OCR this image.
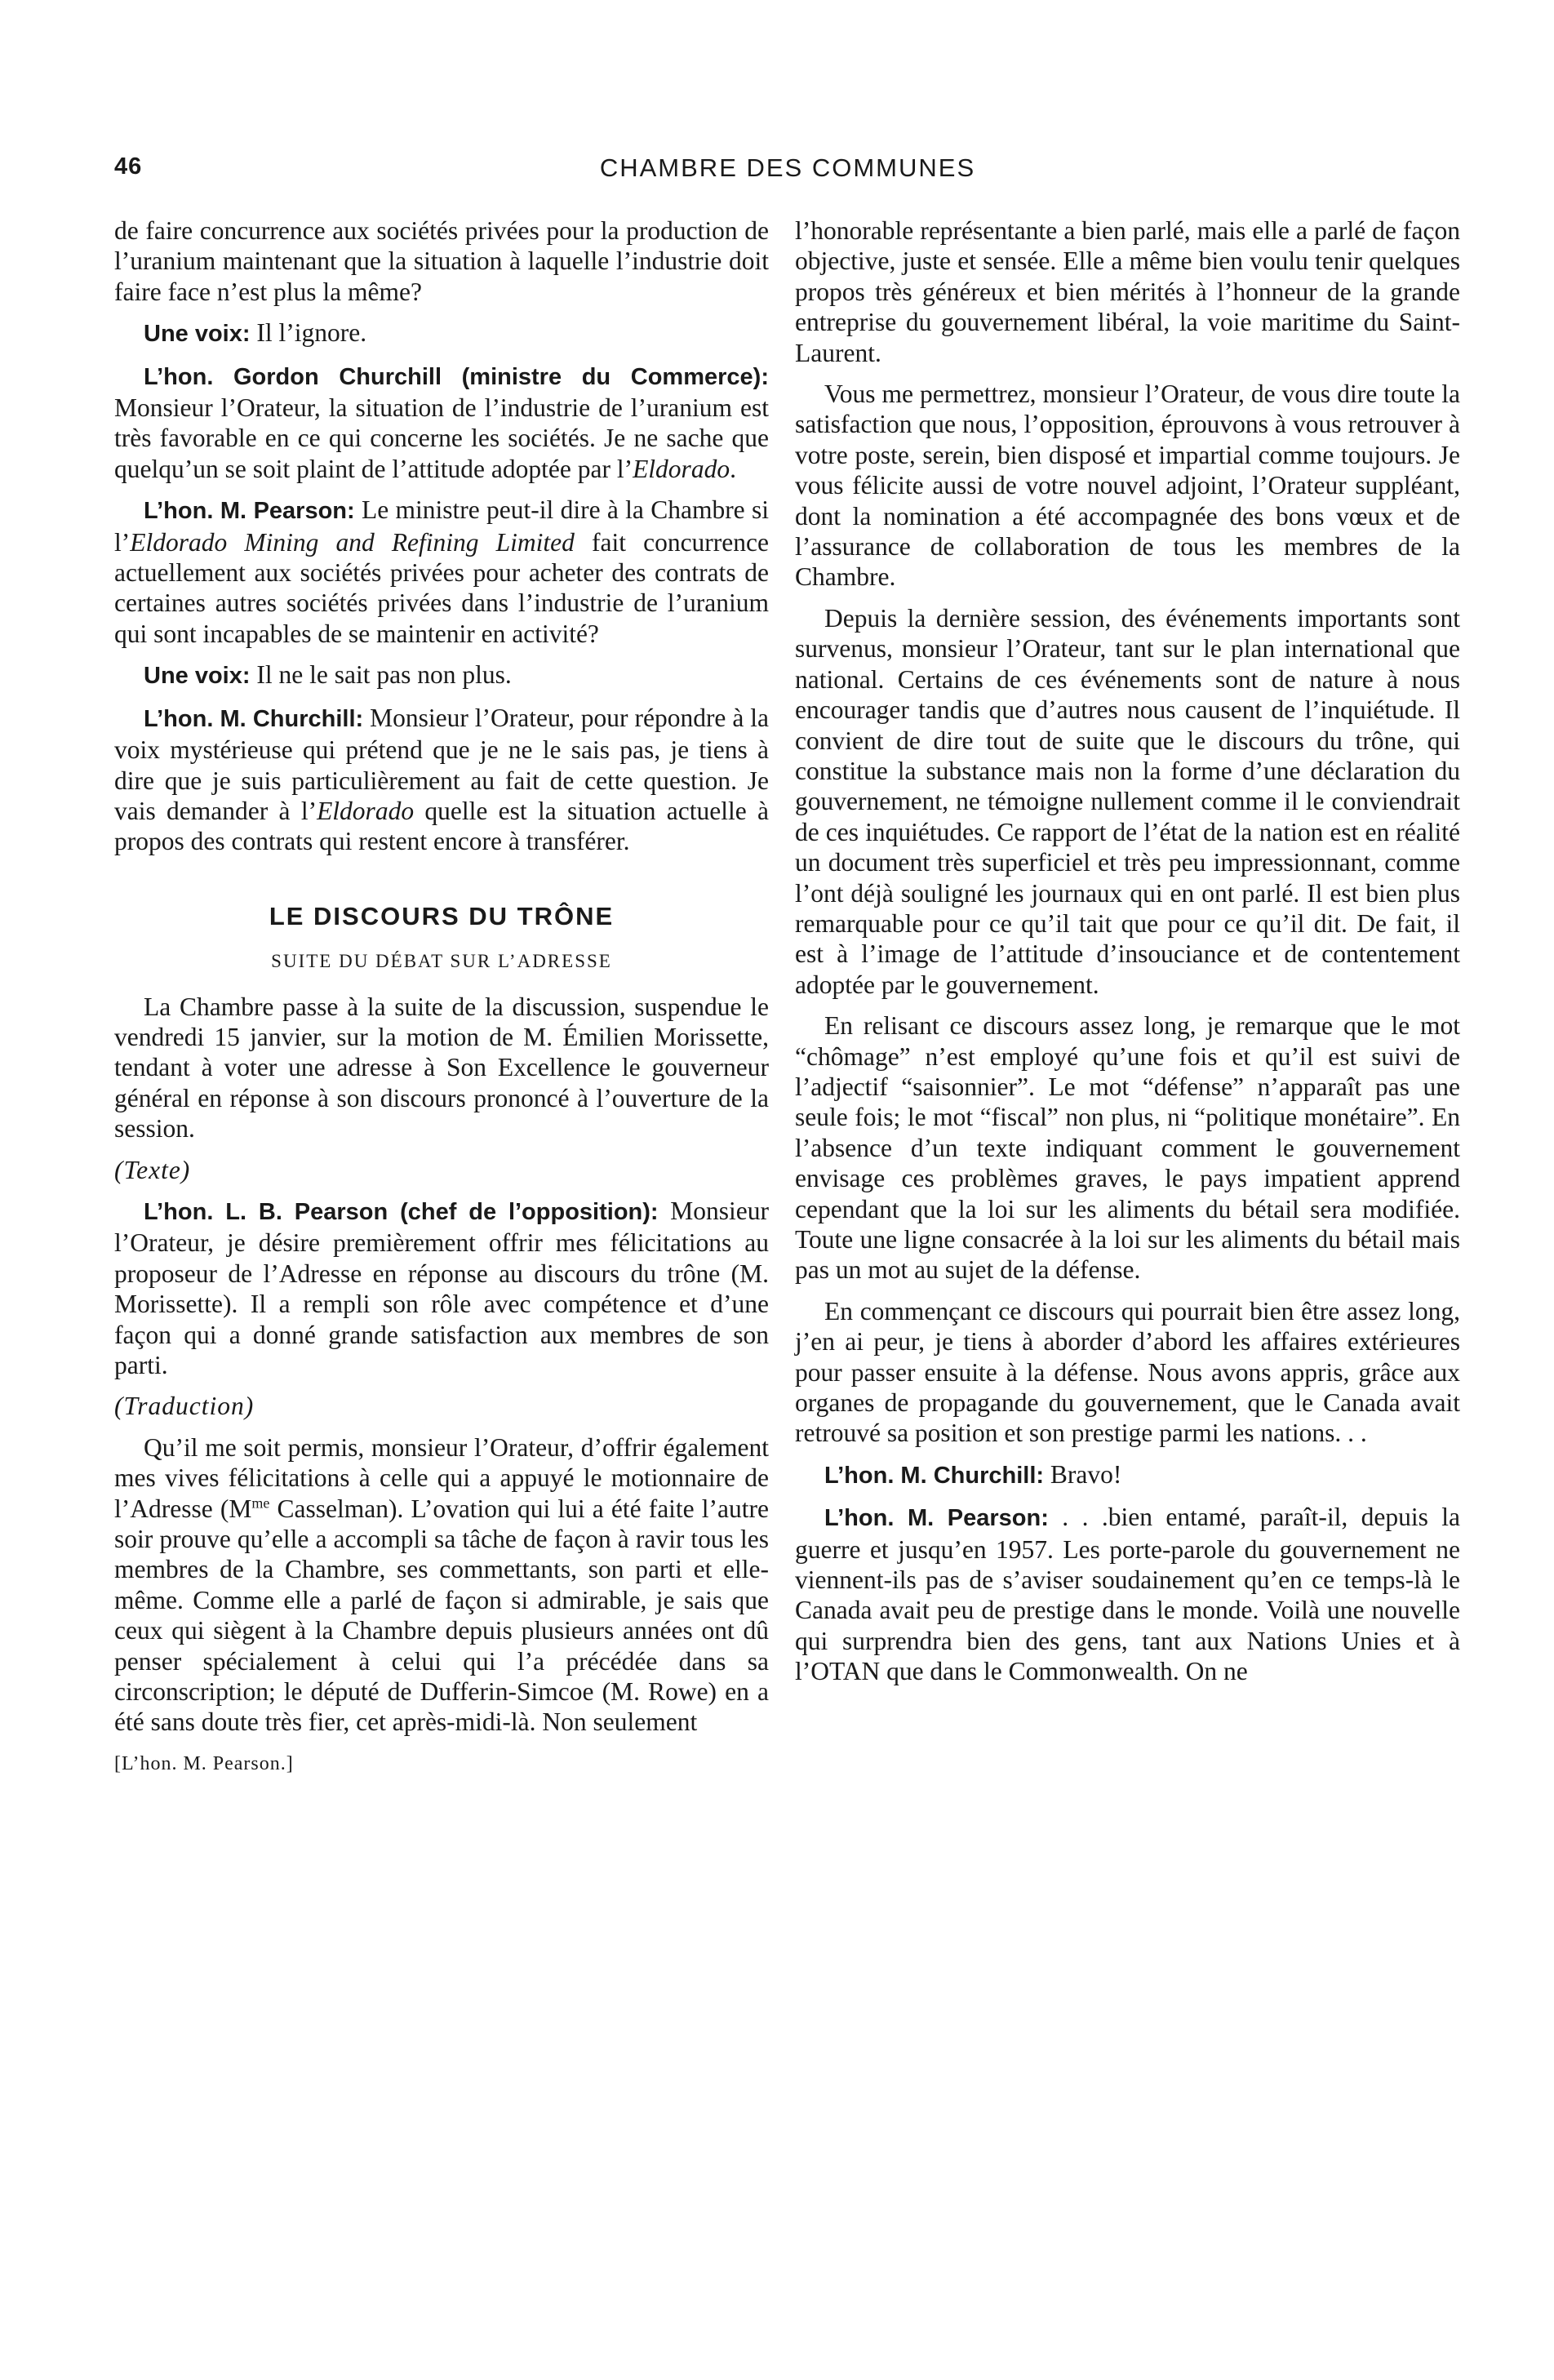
46	CHAMBRE DES COMMUNES

de faire concurrence aux sociétés privées pour la production de l’uranium maintenant que la situation à laquelle l’industrie doit faire face n’est plus la même?

Une voix: Il l’ignore.

L’hon. Gordon Churchill (ministre du Commerce): Monsieur l’Orateur, la situation de l’industrie de l’uranium est très favorable en ce qui concerne les sociétés. Je ne sache que quelqu’un se soit plaint de l’attitude adoptée par l’Eldorado.

L’hon. M. Pearson: Le ministre peut-il dire à la Chambre si l’Eldorado Mining and Refining Limited fait concurrence actuellement aux sociétés privées pour acheter des contrats de certaines autres sociétés privées dans l’industrie de l’uranium qui sont incapables de se maintenir en activité?

Une voix: Il ne le sait pas non plus.

L’hon. M. Churchill: Monsieur l’Orateur, pour répondre à la voix mystérieuse qui prétend que je ne le sais pas, je tiens à dire que je suis particulièrement au fait de cette question. Je vais demander à l’Eldorado quelle est la situation actuelle à propos des contrats qui restent encore à transférer.

LE DISCOURS DU TRÔNE
SUITE DU DÉBAT SUR L’ADRESSE

La Chambre passe à la suite de la discussion, suspendue le vendredi 15 janvier, sur la motion de M. Émilien Morissette, tendant à voter une adresse à Son Excellence le gouverneur général en réponse à son discours prononcé à l’ouverture de la session.

(Texte)

L’hon. L. B. Pearson (chef de l’opposition): Monsieur l’Orateur, je désire premièrement offrir mes félicitations au proposeur de l’Adresse en réponse au discours du trône (M. Morissette). Il a rempli son rôle avec compétence et d’une façon qui a donné grande satisfaction aux membres de son parti.

(Traduction)

Qu’il me soit permis, monsieur l’Orateur, d’offrir également mes vives félicitations à celle qui a appuyé le motionnaire de l’Adresse ($M^{me}$ Casselman). L’ovation qui lui a été faite l’autre soir prouve qu’elle a accompli sa tâche de façon à ravir tous les membres de la Chambre, ses commettants, son parti et elle-même. Comme elle a parlé de façon si admirable, je sais que ceux qui siègent à la Chambre depuis plusieurs années ont dû penser spécialement à celui qui l’a précédée dans sa circonscription; le député de Dufferin-Simcoe (M. Rowe) en a été sans doute très fier, cet après-midi-là. Non seulement

[L’hon. M. Pearson.]

l’honorable représentante a bien parlé, mais elle a parlé de façon objective, juste et sensée. Elle a même bien voulu tenir quelques propos très généreux et bien mérités à l’honneur de la grande entreprise du gouvernement libéral, la voie maritime du Saint-Laurent.

Vous me permettrez, monsieur l’Orateur, de vous dire toute la satisfaction que nous, l’opposition, éprouvons à vous retrouver à votre poste, serein, bien disposé et impartial comme toujours. Je vous félicite aussi de votre nouvel adjoint, l’Orateur suppléant, dont la nomination a été accompagnée des bons vœux et de l’assurance de collaboration de tous les membres de la Chambre.

Depuis la dernière session, des événements importants sont survenus, monsieur l’Orateur, tant sur le plan international que national. Certains de ces événements sont de nature à nous encourager tandis que d’autres nous causent de l’inquiétude. Il convient de dire tout de suite que le discours du trône, qui constitue la substance mais non la forme d’une déclaration du gouvernement, ne témoigne nullement comme il le conviendrait de ces inquiétudes. Ce rapport de l’état de la nation est en réalité un document très superficiel et très peu impressionnant, comme l’ont déjà souligné les journaux qui en ont parlé. Il est bien plus remarquable pour ce qu’il tait que pour ce qu’il dit. De fait, il est à l’image de l’attitude d’insouciance et de contentement adoptée par le gouvernement.

En relisant ce discours assez long, je remarque que le mot “chômage” n’est employé qu’une fois et qu’il est suivi de l’adjectif “saisonnier”. Le mot “défense” n’apparaît pas une seule fois; le mot “fiscal” non plus, ni “politique monétaire”. En l’absence d’un texte indiquant comment le gouvernement envisage ces problèmes graves, le pays impatient apprend cependant que la loi sur les aliments du bétail sera modifiée. Toute une ligne consacrée à la loi sur les aliments du bétail mais pas un mot au sujet de la défense.

En commençant ce discours qui pourrait bien être assez long, j’en ai peur, je tiens à aborder d’abord les affaires extérieures pour passer ensuite à la défense. Nous avons appris, grâce aux organes de propagande du gouvernement, que le Canada avait retrouvé sa position et son prestige parmi les nations. . .

L’hon. M. Churchill: Bravo!

L’hon. M. Pearson: . . .bien entamé, paraît-il, depuis la guerre et jusqu’en 1957. Les porte-parole du gouvernement ne viennent-ils pas de s’aviser soudainement qu’en ce temps-là le Canada avait peu de prestige dans le monde. Voilà une nouvelle qui surprendra bien des gens, tant aux Nations Unies et à l’OTAN que dans le Commonwealth. On ne
